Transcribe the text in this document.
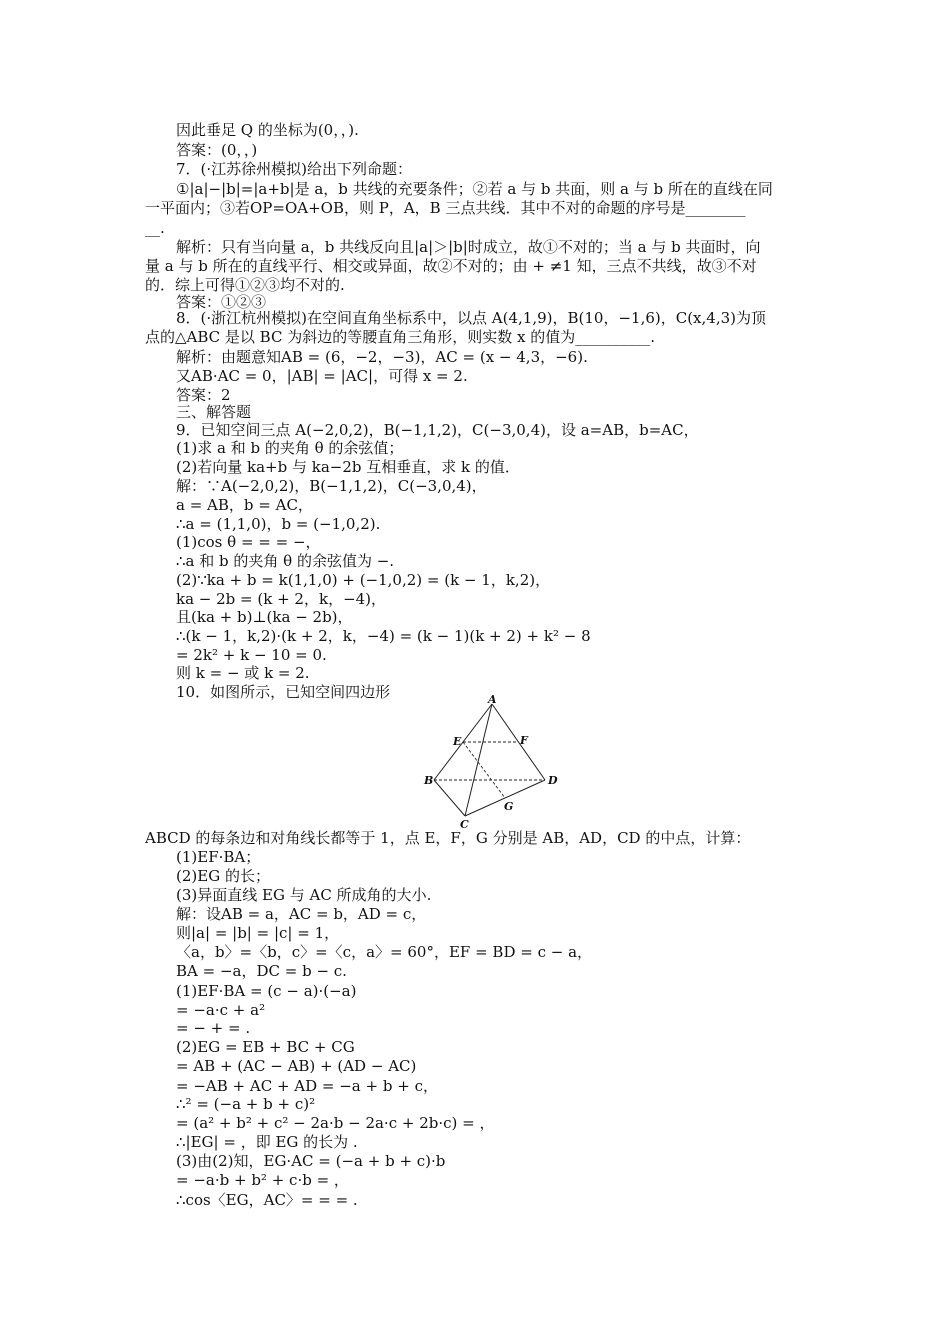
因此垂足 Q 的坐标为(0，，).
答案：(0，，)
7．(·江苏徐州模拟)给出下列命题：
①|a|−|b|=|a+b|是 a，b 共线的充要条件；②若 a 与 b 共面，则 a 与 b 所在的直线在同
一平面内；③若OP=OA+OB，则 P，A，B 三点共线．其中不对的命题的序号是________
__.
解析：只有当向量 a，b 共线反向且|a|＞|b|时成立，故①不对的；当 a 与 b 共面时，向
量 a 与 b 所在的直线平行、相交或异面，故②不对的；由 + ≠1 知，三点不共线，故③不对
的．综上可得①②③均不对的.
答案：①②③
8．(·浙江杭州模拟)在空间直角坐标系中，以点 A(4,1,9)，B(10，−1,6)，C(x,4,3)为顶
点的△ABC 是以 BC 为斜边的等腰直角三角形，则实数 x 的值为__________.
解析：由题意知AB = (6，−2，−3)，AC = (x − 4,3，−6).
又AB·AC = 0，|AB| = |AC|，可得 x = 2.
答案：2
三、解答题
9．已知空间三点 A(−2,0,2)，B(−1,1,2)，C(−3,0,4)，设 a=AB，b=AC，
(1)求 a 和 b 的夹角 θ 的余弦值；
(2)若向量 ka+b 与 ka−2b 互相垂直，求 k 的值．
解：∵A(−2,0,2)，B(−1,1,2)，C(−3,0,4)，
a = AB，b = AC，
∴a = (1,1,0)，b = (−1,0,2).
(1)cos θ = = = −，
∴a 和 b 的夹角 θ 的余弦值为 −.
(2)∵ka + b = k(1,1,0) + (−1,0,2) = (k − 1，k,2)，
ka − 2b = (k + 2，k，−4)，
且(ka + b)⊥(ka − 2b)，
∴(k − 1，k,2)·(k + 2，k，−4) = (k − 1)(k + 2) + k² − 8
= 2k² + k − 10 = 0.
则 k = − 或 k = 2.
10．如图所示，已知空间四边形	A
E	F
B	D
G
C
ABCD 的每条边和对角线长都等于 1，点 E，F，G 分别是 AB，AD，CD 的中点，计算：
(1)EF·BA；
(2)EG 的长；
(3)异面直线 EG 与 AC 所成角的大小.
解：设AB = a，AC = b，AD = c，
则|a| = |b| = |c| = 1，
〈a，b〉=〈b，c〉=〈c，a〉= 60°，EF = BD = c − a，
BA = −a，DC = b − c.
(1)EF·BA = (c − a)·(−a)
= −a·c + a²
= − + = .
(2)EG = EB + BC + CG
= AB + (AC − AB) + (AD − AC)
= −AB + AC + AD = −a + b + c，
∴² = (−a + b + c)²
= (a² + b² + c² − 2a·b − 2a·c + 2b·c) = ，
∴|EG| = ，即 EG 的长为 .
(3)由(2)知，EG·AC = (−a + b + c)·b
= −a·b + b² + c·b = ，
∴cos〈EG，AC〉= = = .
